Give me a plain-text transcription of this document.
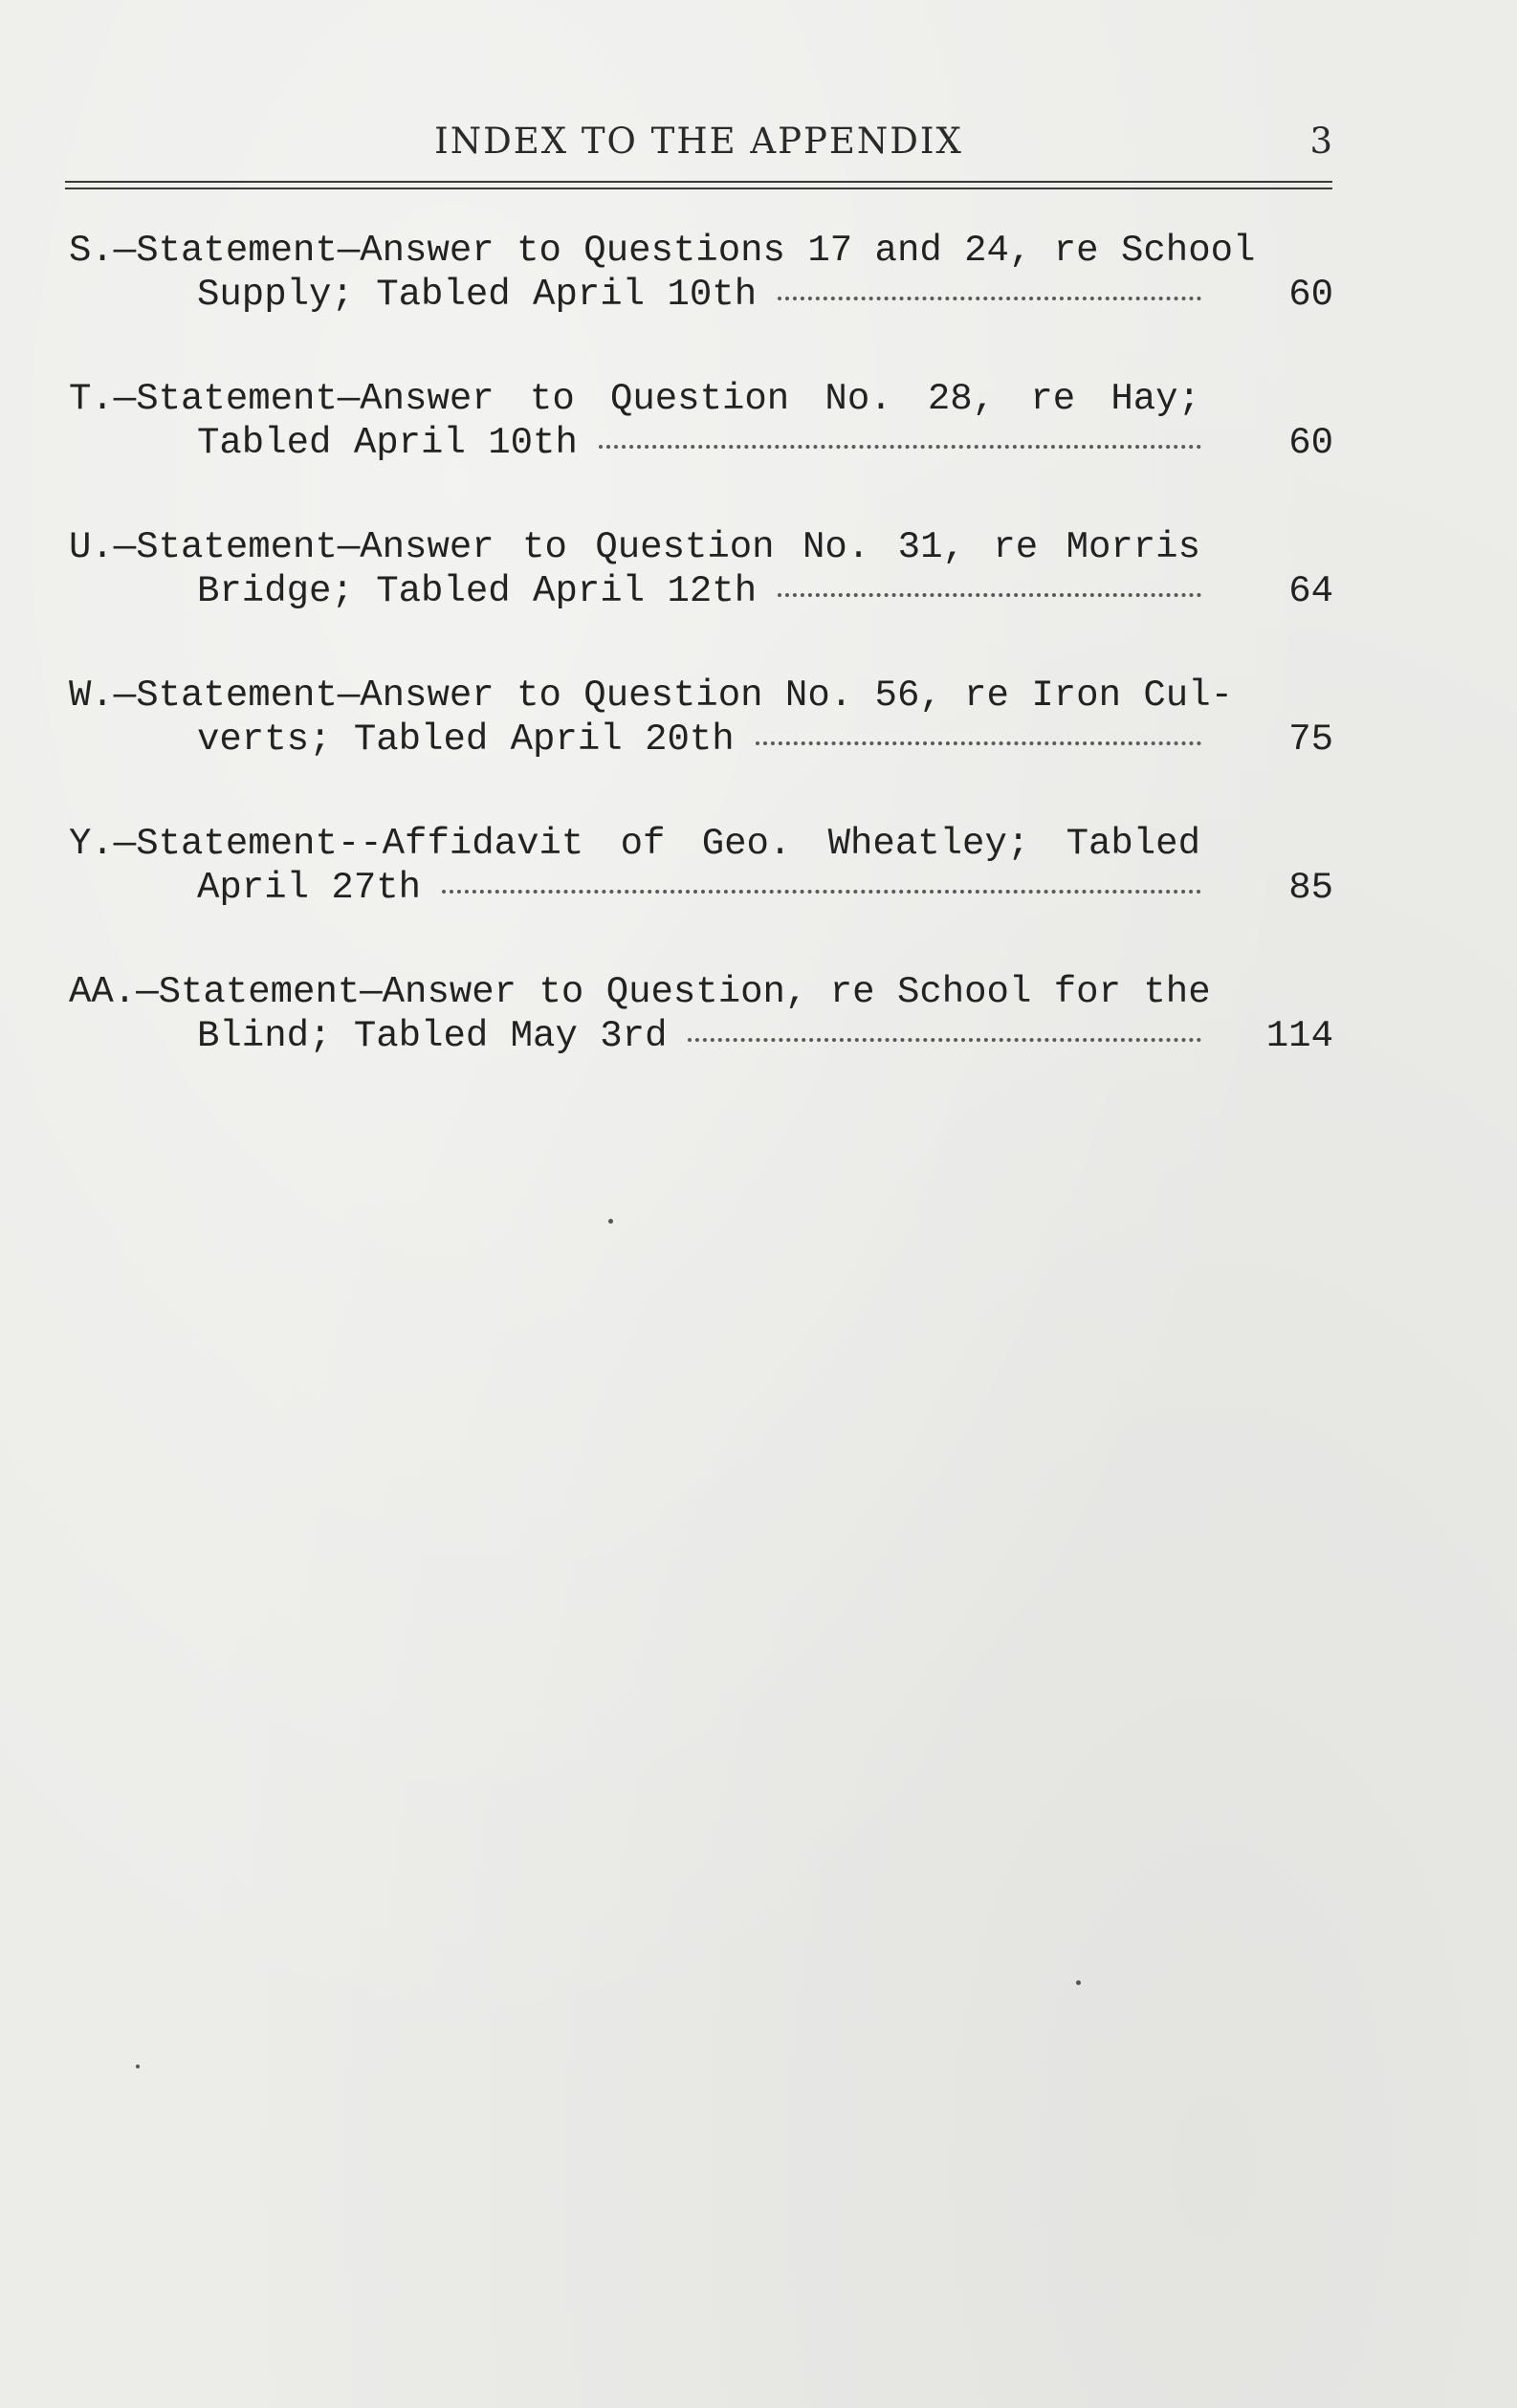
INDEX TO THE APPENDIX	3
S.—Statement—Answer to Questions 17 and 24, re School
Supply; Tabled April 10th	60
T.—Statement—Answer to Question No. 28, re Hay;
Tabled April 10th	60
U.—Statement—Answer to Question No. 31, re Morris
Bridge; Tabled April 12th	64
W.—Statement—Answer to Question No. 56, re Iron Cul-
verts; Tabled April 20th	75
Y.—Statement--Affidavit of Geo. Wheatley; Tabled
April 27th	85
AA.—Statement—Answer to Question, re School for the
Blind; Tabled May 3rd	114
